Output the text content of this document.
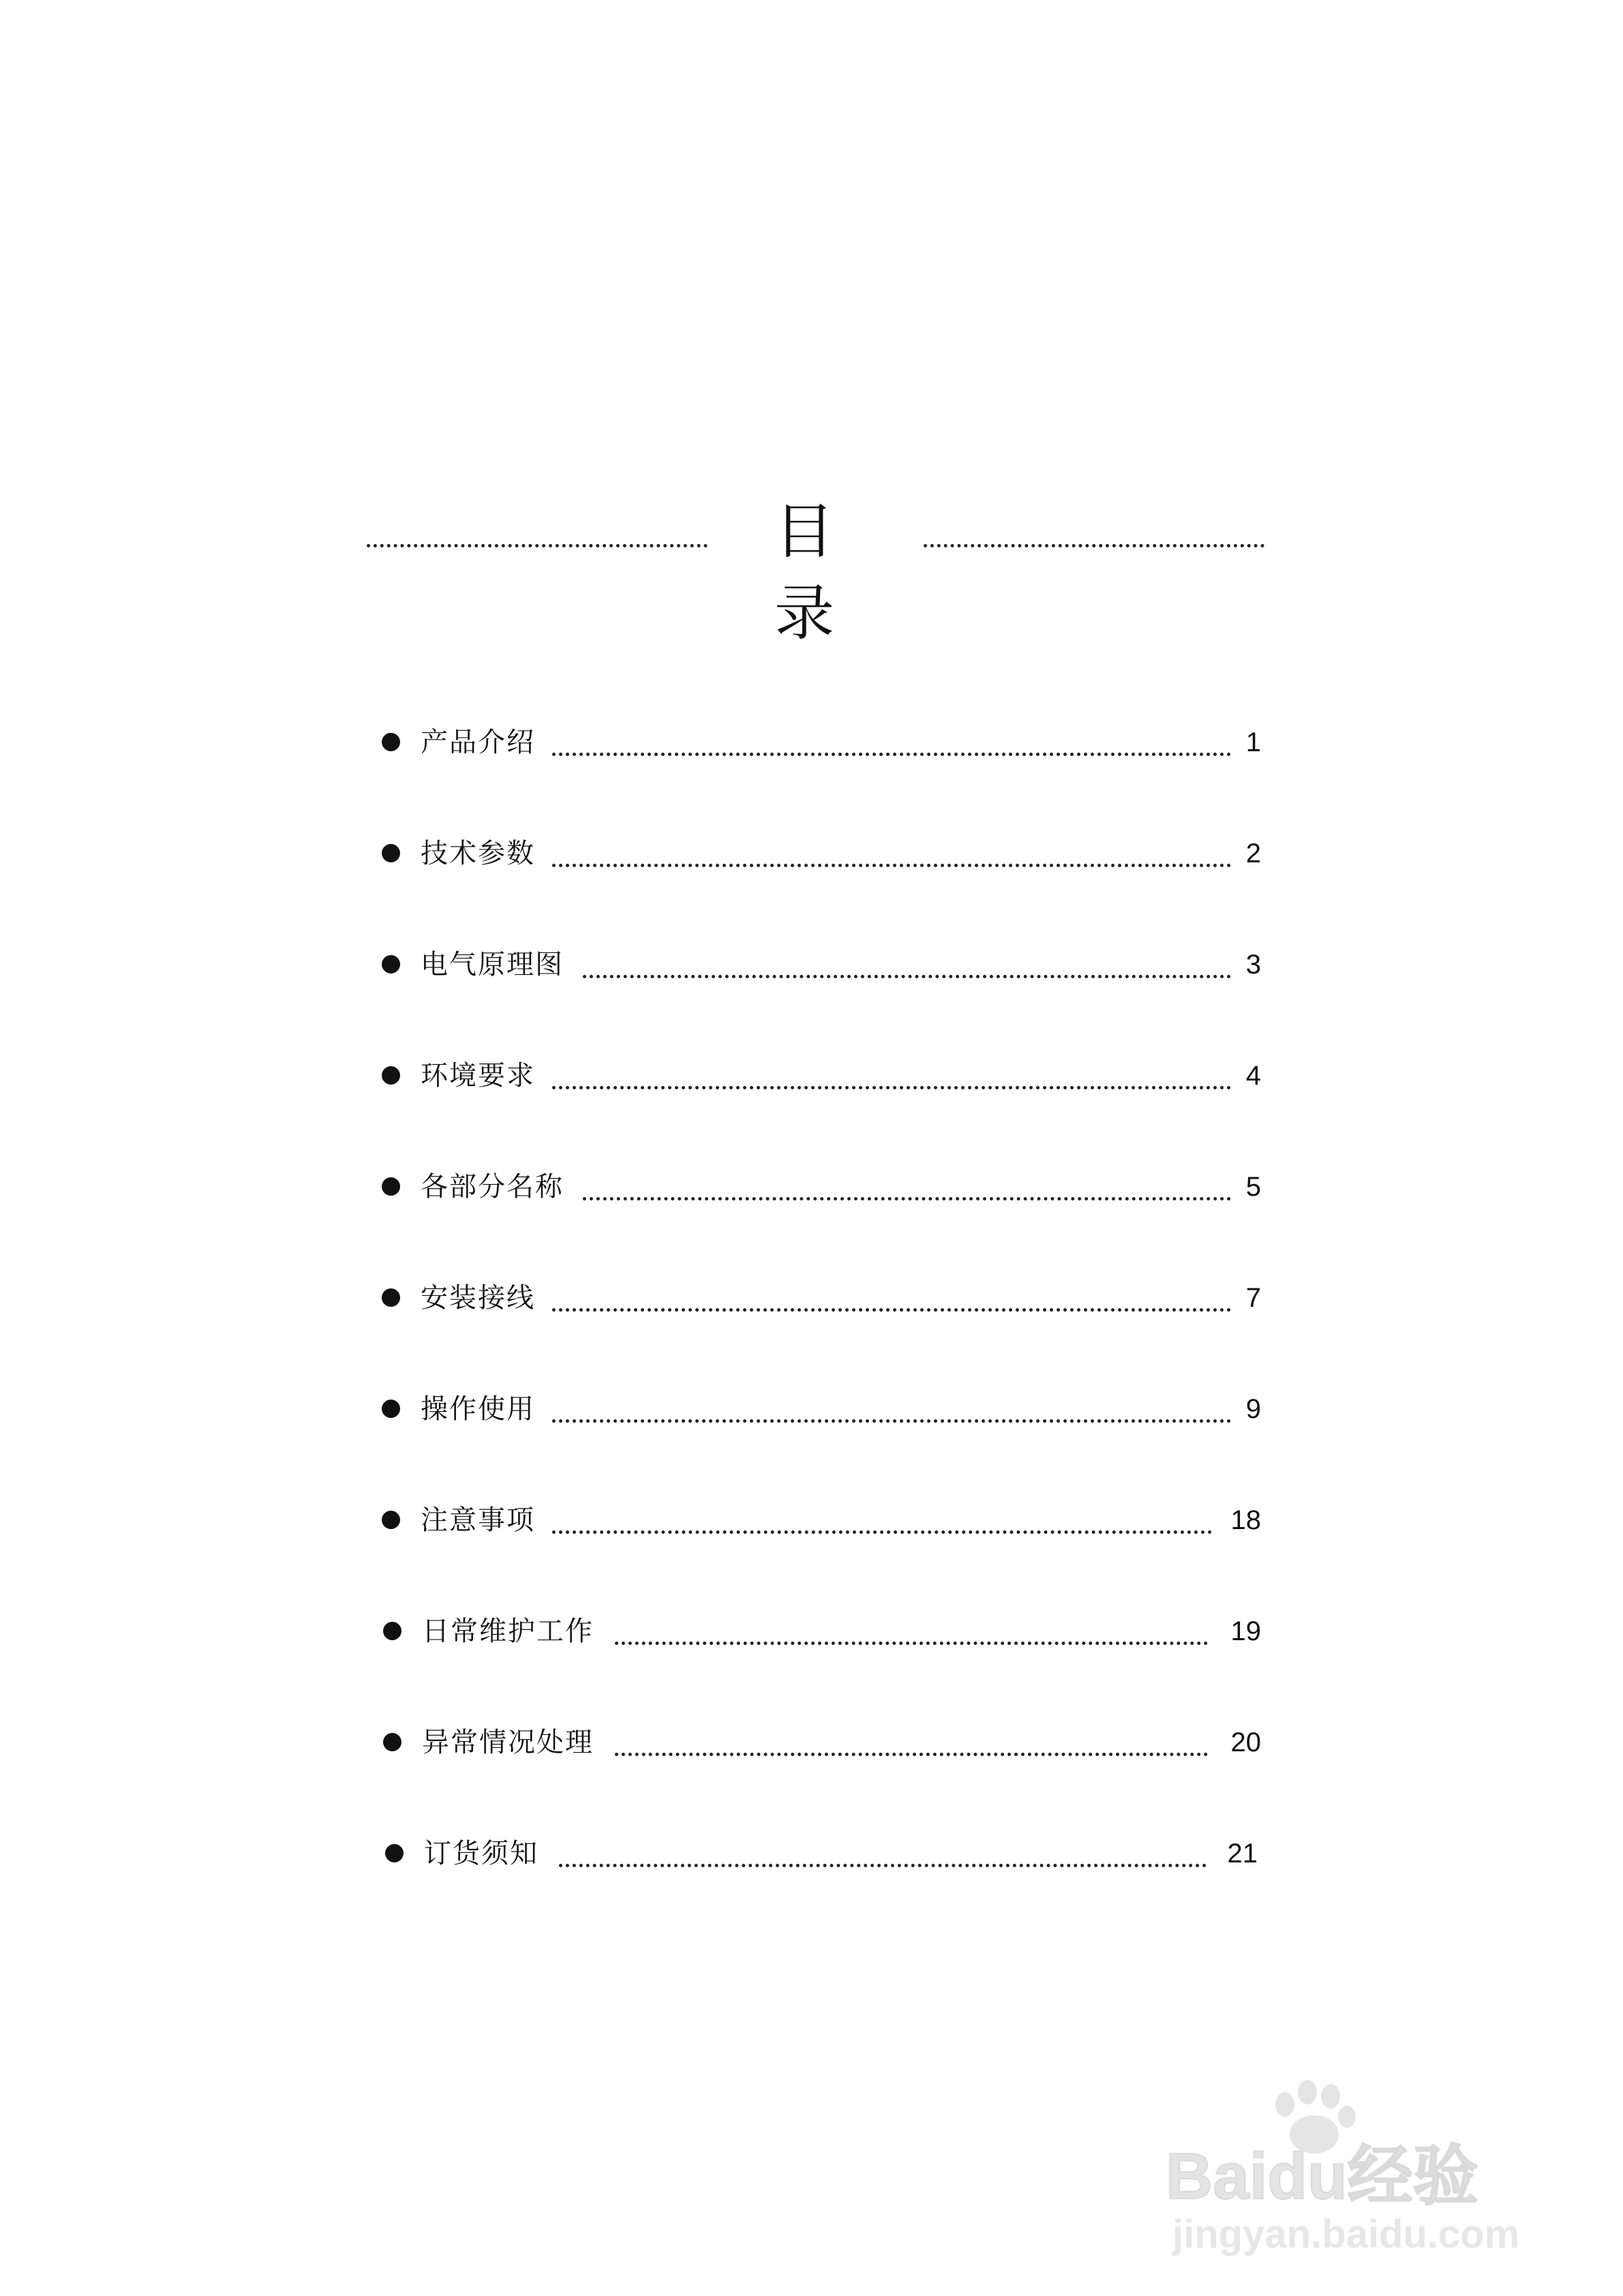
目 录
产品介绍	1
技术参数	2
电气原理图	3
环境要求	4
各部分名称	5
安装接线	7
操作使用	9
注意事项	18
日常维护工作	19
异常情况处理	20
订货须知	21
Baidu经验
jingyan.baidu.com
